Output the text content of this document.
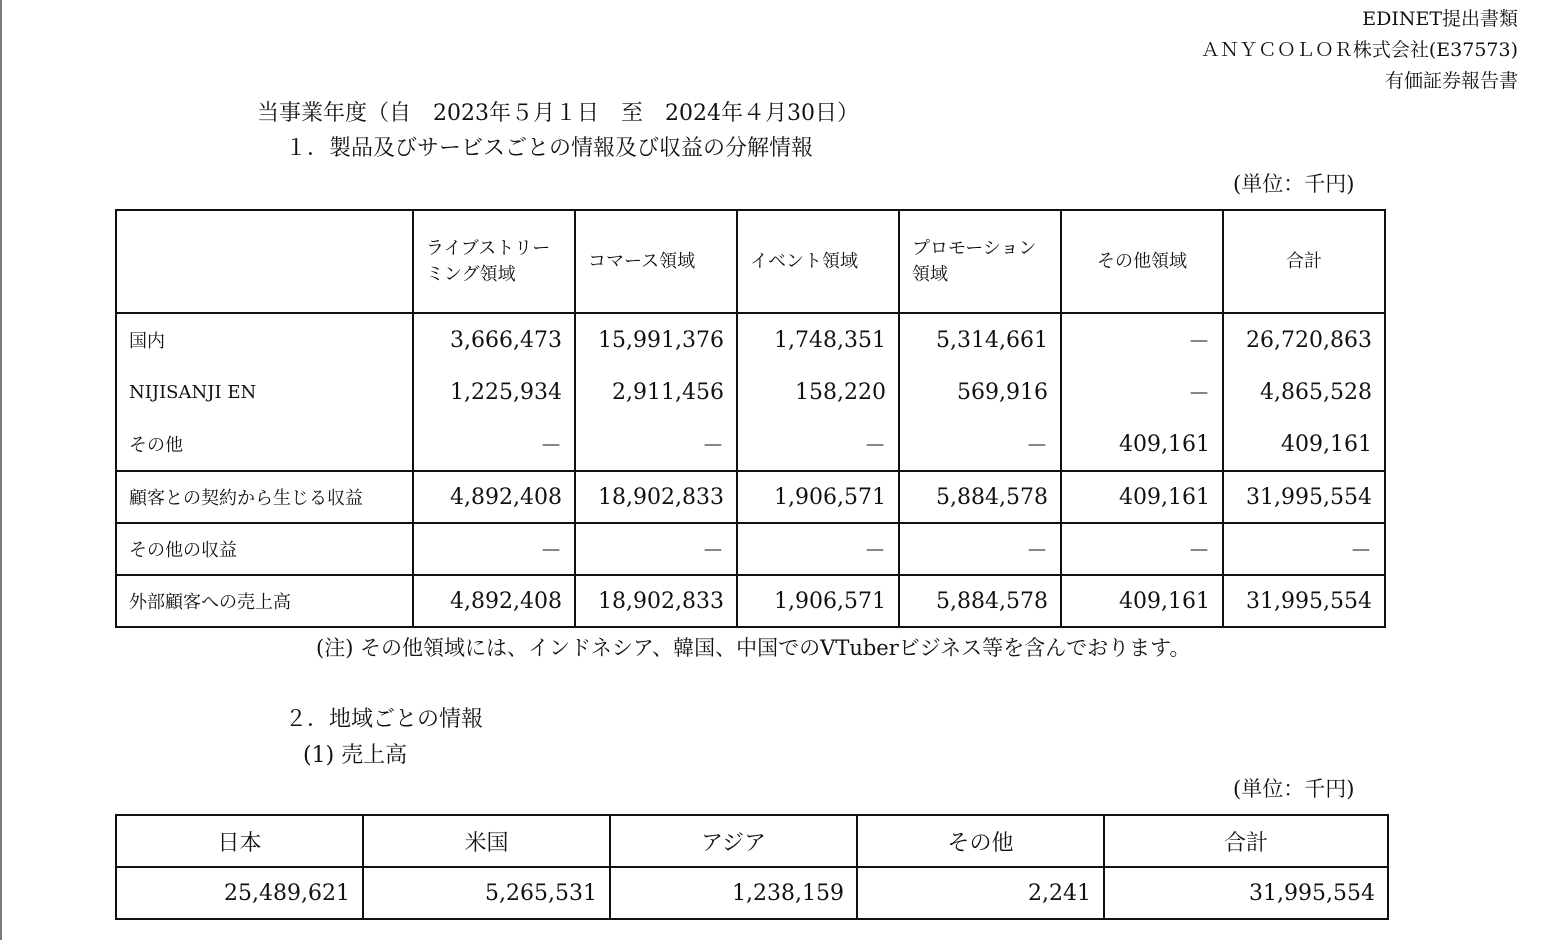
EDINET提出書類
ＡＮＹＣＯＬＯＲ株式会社(E37573)
有価証券報告書
当事業年度（自　2023年５月１日　至　2024年４月30日）
１．製品及びサービスごとの情報及び収益の分解情報
(単位：千円)
	ライブストリーミング領域	コマース領域	イベント領域	プロモーション領域	その他領域	合計
国内	3,666,473	15,991,376	1,748,351	5,314,661	－	26,720,863
NIJISANJI EN	1,225,934	2,911,456	158,220	569,916	－	4,865,528
その他	－	－	－	－	409,161	409,161
顧客との契約から生じる収益	4,892,408	18,902,833	1,906,571	5,884,578	409,161	31,995,554
その他の収益	－	－	－	－	－	－
外部顧客への売上高	4,892,408	18,902,833	1,906,571	5,884,578	409,161	31,995,554
(注) その他領域には、インドネシア、韓国、中国でのVTuberビジネス等を含んでおります。
２．地域ごとの情報
(1) 売上高
(単位：千円)
日本	米国	アジア	その他	合計
25,489,621	5,265,531	1,238,159	2,241	31,995,554
